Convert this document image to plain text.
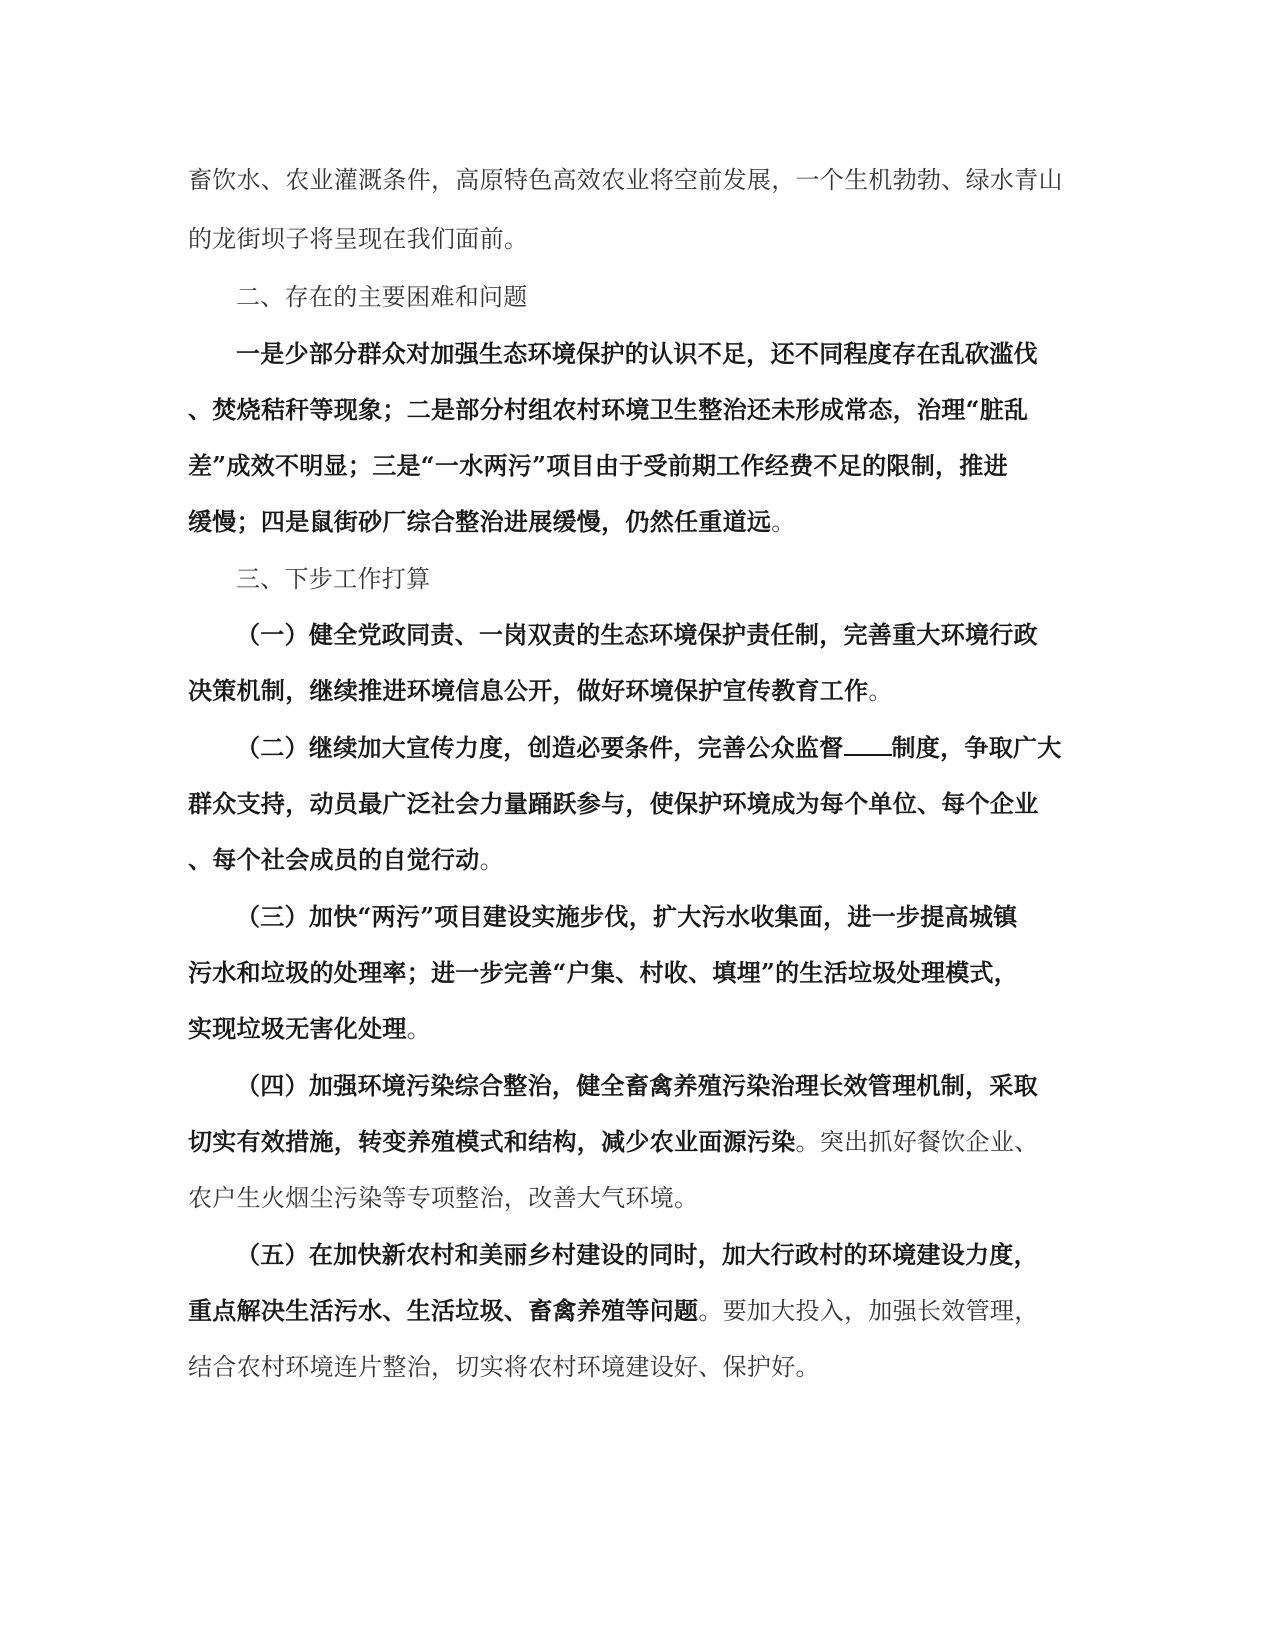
畜饮水、农业灌溉条件，高原特色高效农业将空前发展，一个生机勃勃、绿水青山
的龙街坝子将呈现在我们面前。
二、存在的主要困难和问题
一是少部分群众对加强生态环境保护的认识不足，还不同程度存在乱砍滥伐
、焚烧秸秆等现象；二是部分村组农村环境卫生整治还未形成常态，治理“脏乱
差”成效不明显；三是“一水两污”项目由于受前期工作经费不足的限制，推进
缓慢；四是鼠街砂厂综合整治进展缓慢，仍然任重道远。
三、下步工作打算
（一）健全党政同责、一岗双责的生态环境保护责任制，完善重大环境行政
决策机制，继续推进环境信息公开，做好环境保护宣传教育工作。
（二）继续加大宣传力度，创造必要条件，完善公众监督 制度，争取广大
群众支持，动员最广泛社会力量踊跃参与，使保护环境成为每个单位、每个企业
、每个社会成员的自觉行动。
（三）加快“两污”项目建设实施步伐，扩大污水收集面，进一步提高城镇
污水和垃圾的处理率；进一步完善“户集、村收、填埋”的生活垃圾处理模式，
实现垃圾无害化处理。
（四）加强环境污染综合整治，健全畜禽养殖污染治理长效管理机制，采取
切实有效措施，转变养殖模式和结构，减少农业面源污染。突出抓好餐饮企业、
农户生火烟尘污染等专项整治，改善大气环境。
（五）在加快新农村和美丽乡村建设的同时，加大行政村的环境建设力度，
重点解决生活污水、生活垃圾、畜禽养殖等问题。要加大投入，加强长效管理，
结合农村环境连片整治，切实将农村环境建设好、保护好。
